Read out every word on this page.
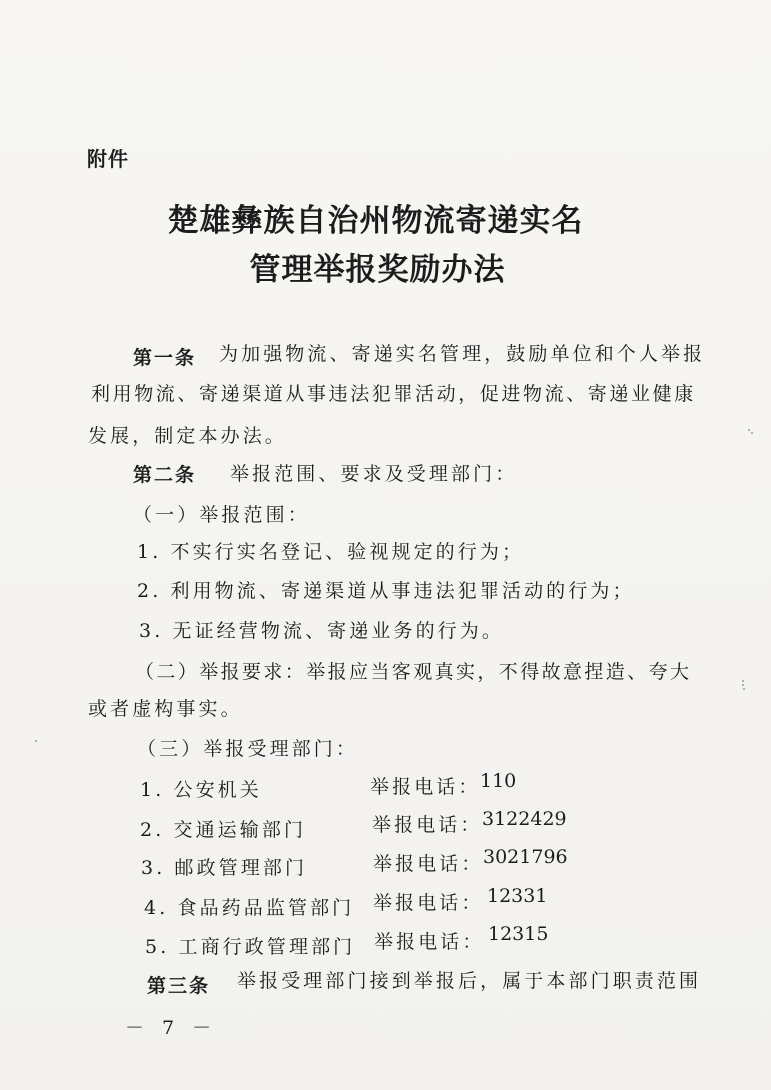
附件
楚雄彝族自治州物流寄递实名
管理举报奖励办法
第一条 为加强物流、寄递实名管理，鼓励单位和个人举报
利用物流、寄递渠道从事违法犯罪活动，促进物流、寄递业健康
发展，制定本办法。
第二条 举报范围、要求及受理部门：
（一）举报范围：
1. 不实行实名登记、验视规定的行为；
2. 利用物流、寄递渠道从事违法犯罪活动的行为；
3. 无证经营物流、寄递业务的行为。
（二）举报要求：举报应当客观真实，不得故意捏造、夸大
或者虚构事实。
（三）举报受理部门：
1. 公安机关	举报电话： 110
2. 交通运输部门	举报电话： 3122429
3. 邮政管理部门	举报电话： 3021796
4. 食品药品监管部门 举报电话： 12331
5. 工商行政管理部门 举报电话： 12315
第三条 举报受理部门接到举报后，属于本部门职责范围
－ 7 －
